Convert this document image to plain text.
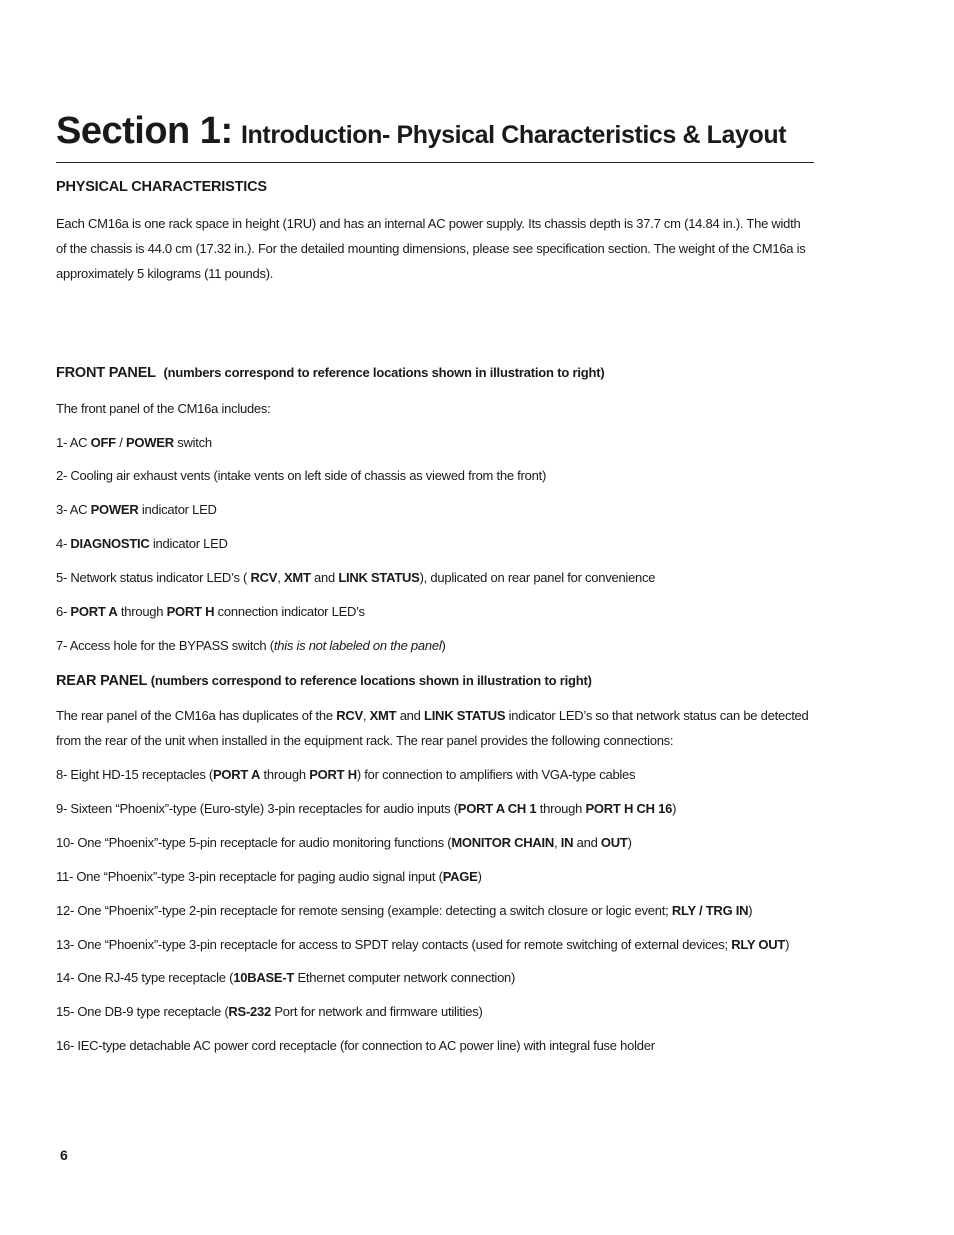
Section 1: Introduction- Physical Characteristics & Layout
PHYSICAL CHARACTERISTICS

Each CM16a is one rack space in height (1RU) and has an internal AC power supply. Its chassis depth is 37.7 cm (14.84 in.). The width of the chassis is 44.0 cm (17.32 in.). For the detailed mounting dimensions, please see specification section. The weight of the CM16a is approximately 5 kilograms (11 pounds).

FRONT PANEL (numbers correspond to reference locations shown in illustration to right)

The front panel of the CM16a includes:

1- AC OFF / POWER switch

2- Cooling air exhaust vents (intake vents on left side of chassis as viewed from the front)

3- AC POWER indicator LED

4- DIAGNOSTIC indicator LED

5- Network status indicator LED’s ( RCV, XMT and LINK STATUS), duplicated on rear panel for convenience

6- PORT A through PORT H connection indicator LED’s

7- Access hole for the BYPASS switch (this is not labeled on the panel)

REAR PANEL (numbers correspond to reference locations shown in illustration to right)

The rear panel of the CM16a has duplicates of the RCV, XMT and LINK STATUS indicator LED’s so that network status can be detected from the rear of the unit when installed in the equipment rack. The rear panel provides the following connections:

8- Eight HD-15 receptacles (PORT A through PORT H) for connection to amplifiers with VGA-type cables

9- Sixteen “Phoenix”-type (Euro-style) 3-pin receptacles for audio inputs (PORT A CH 1 through PORT H CH 16)

10- One “Phoenix”-type 5-pin receptacle for audio monitoring functions (MONITOR CHAIN, IN and OUT)

11- One “Phoenix”-type 3-pin receptacle for paging audio signal input (PAGE)

12- One “Phoenix”-type 2-pin receptacle for remote sensing (example: detecting a switch closure or logic event; RLY / TRG IN)

13- One “Phoenix”-type 3-pin receptacle for access to SPDT relay contacts (used for remote switching of external devices; RLY OUT)

14- One RJ-45 type receptacle (10BASE-T Ethernet computer network connection)

15- One DB-9 type receptacle (RS-232 Port for network and firmware utilities)

16- IEC-type detachable AC power cord receptacle (for connection to AC power line) with integral fuse holder

6
